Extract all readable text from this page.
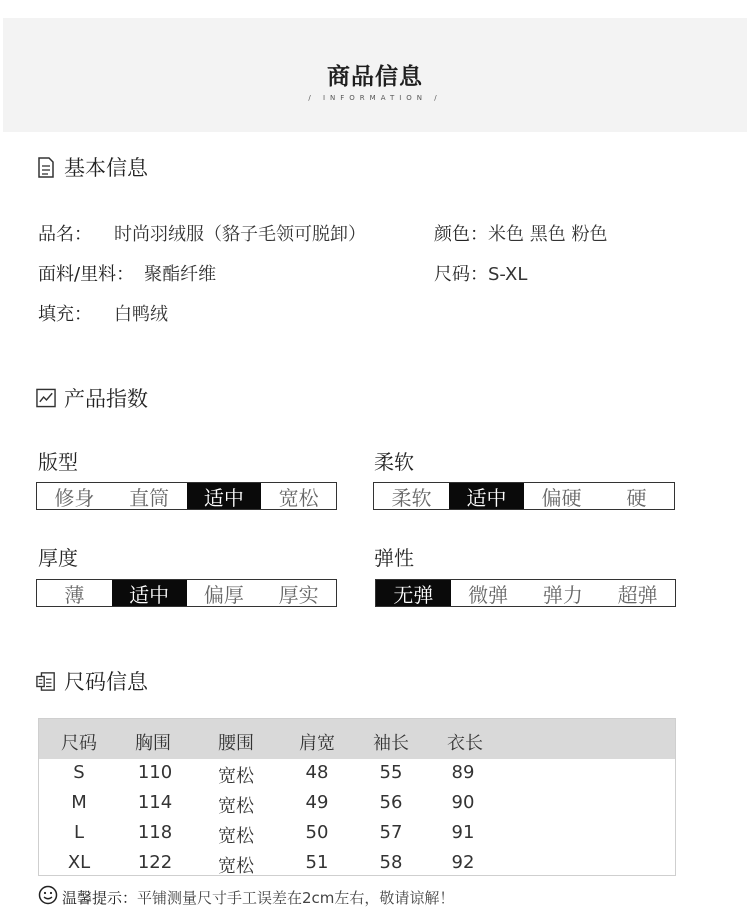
商品信息
/ INFORMATION /
基本信息
品名： 时尚羽绒服（貉子毛领可脱卸）
面料/里料： 聚酯纤维
填充： 白鸭绒
颜色：米色 黑色 粉色
尺码：S-XL
产品指数
版型
修身	直筒	适中	宽松
柔软
柔软	适中	偏硬	硬
厚度
薄	适中	偏厚	厚实
弹性
无弹	微弹	弹力	超弹
尺码信息
尺码 胸围	腰围	肩宽 袖长 衣长
S	110	宽松	48	55	89
M	114	宽松	49	56	90
L	118	宽松	50	57	91
XL	122	宽松	51	58	92
温馨提示： 平铺测量尺寸手工误差在2cm左右，敬请谅解！
